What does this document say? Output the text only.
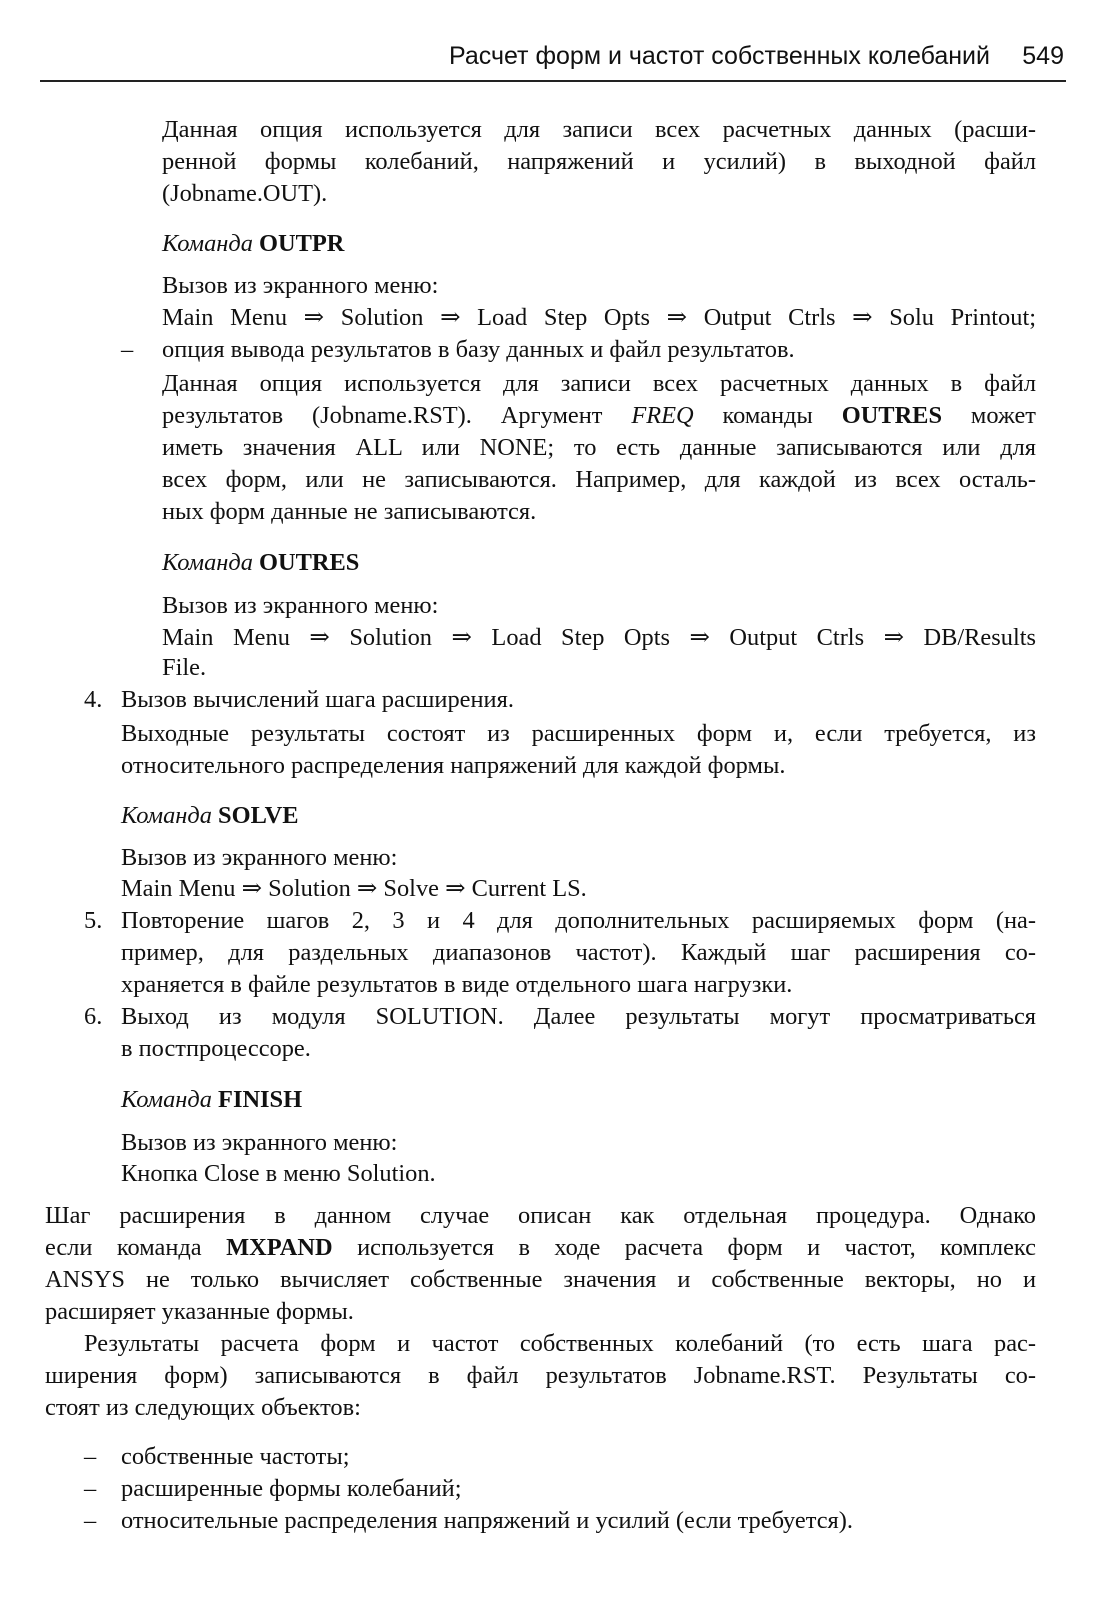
Расчет форм и частот собственных колебаний 549
Данная опция используется для записи всех расчетных данных (расши-
ренной формы колебаний, напряжений и усилий) в выходной файл
(Jobname.OUT).
Команда OUTPR
Вызов из экранного меню:
Main Menu ⇒ Solution ⇒ Load Step Opts ⇒ Output Ctrls ⇒ Solu Printout;
– опция вывода результатов в базу данных и файл результатов.
Данная опция используется для записи всех расчетных данных в файл
результатов (Jobname.RST). Аргумент FREQ команды OUTRES может
иметь значения ALL или NONE; то есть данные записываются или для
всех форм, или не записываются. Например, для каждой из всех осталь-
ных форм данные не записываются.
Команда OUTRES
Вызов из экранного меню:
Main Menu ⇒ Solution ⇒ Load Step Opts ⇒ Output Ctrls ⇒ DB/Results
File.
4. Вызов вычислений шага расширения.
Выходные результаты состоят из расширенных форм и, если требуется, из
относительного распределения напряжений для каждой формы.
Команда SOLVE
Вызов из экранного меню:
Main Menu ⇒ Solution ⇒ Solve ⇒ Current LS.
5. Повторение шагов 2, 3 и 4 для дополнительных расширяемых форм (на-
пример, для раздельных диапазонов частот). Каждый шаг расширения со-
храняется в файле результатов в виде отдельного шага нагрузки.
6. Выход из модуля SOLUTION. Далее результаты могут просматриваться
в постпроцессоре.
Команда FINISH
Вызов из экранного меню:
Кнопка Close в меню Solution.
Шаг расширения в данном случае описан как отдельная процедура. Однако
если команда MXPAND используется в ходе расчета форм и частот, комплекс
ANSYS не только вычисляет собственные значения и собственные векторы, но и
расширяет указанные формы.
Результаты расчета форм и частот собственных колебаний (то есть шага рас-
ширения форм) записываются в файл результатов Jobname.RST. Результаты со-
стоят из следующих объектов:
– собственные частоты;
– расширенные формы колебаний;
– относительные распределения напряжений и усилий (если требуется).
